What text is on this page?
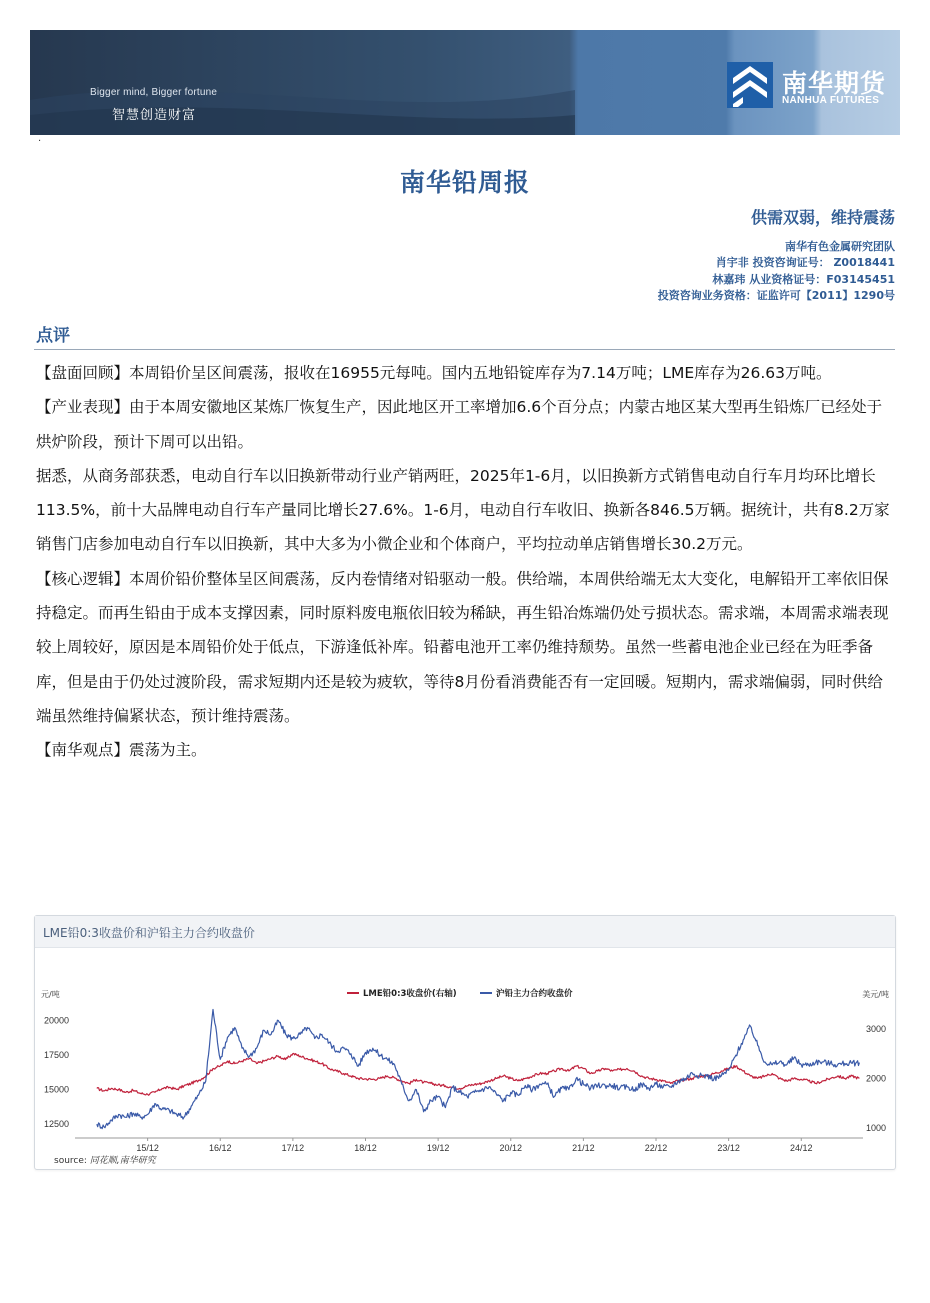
Bigger mind, Bigger fortune
智慧创造财富
南华期货
NANHUA FUTURES
·
南华铅周报
供需双弱，维持震荡
南华有色金属研究团队
肖宇非 投资咨询证号： Z0018441
林嘉玮 从业资格证号：F03145451
投资咨询业务资格：证监许可【2011】1290号
点评

【盘面回顾】本周铅价呈区间震荡，报收在16955元每吨。国内五地铅锭库存为7.14万吨；LME库存为26.63万吨。

【产业表现】由于本周安徽地区某炼厂恢复生产，因此地区开工率增加6.6个百分点；内蒙古地区某大型再生铅炼厂已经处于烘炉阶段，预计下周可以出铅。

据悉，从商务部获悉，电动自行车以旧换新带动行业产销两旺，2025年1-6月，以旧换新方式销售电动自行车月均环比增长113.5%，前十大品牌电动自行车产量同比增长27.6%。1-6月，电动自行车收旧、换新各846.5万辆。据统计，共有8.2万家销售门店参加电动自行车以旧换新，其中大多为小微企业和个体商户，平均拉动单店销售增长30.2万元。

【核心逻辑】本周价铅价整体呈区间震荡，反内卷情绪对铅驱动一般。供给端，本周供给端无太大变化，电解铅开工率依旧保持稳定。而再生铅由于成本支撑因素，同时原料废电瓶依旧较为稀缺，再生铅冶炼端仍处亏损状态。需求端，本周需求端表现较上周较好，原因是本周铅价处于低点，下游逢低补库。铅蓄电池开工率仍维持颓势。虽然一些蓄电池企业已经在为旺季备库，但是由于仍处过渡阶段，需求短期内还是较为疲软，等待8月份看消费能否有一定回暖。短期内，需求端偏弱，同时供给端虽然维持偏紧状态，预计维持震荡。

【南华观点】震荡为主。

LME铅0:3收盘价和沪铅主力合约收盘价
元/吨	美元/吨
12500
15000
17500
20000
1000
2000
3000
15/12	16/12	17/12	18/12	19/12	20/12	21/12	22/12	23/12	24/12
LME铅0:3收盘价(右轴)	沪铅主力合约收盘价
source: 同花顺,南华研究
